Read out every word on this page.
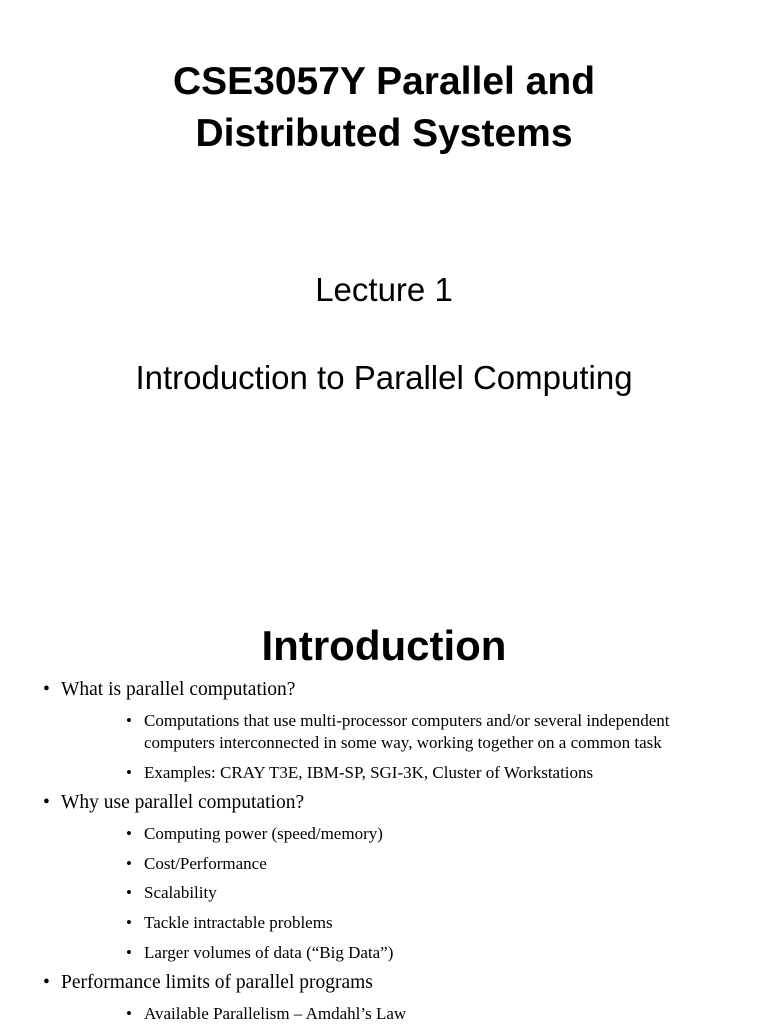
CSE3057Y Parallel and
Distributed Systems

Lecture 1

Introduction to Parallel Computing

Introduction
• What is parallel computation?
• Computations that use multi-processor computers and/or several independent computers interconnected in some way, working together on a common task
• Examples: CRAY T3E, IBM-SP, SGI-3K, Cluster of Workstations
• Why use parallel computation?
• Computing power (speed/memory)
• Cost/Performance
• Scalability
• Tackle intractable problems
• Larger volumes of data (“Big Data”)
• Performance limits of parallel programs
• Available Parallelism – Amdahl’s Law
